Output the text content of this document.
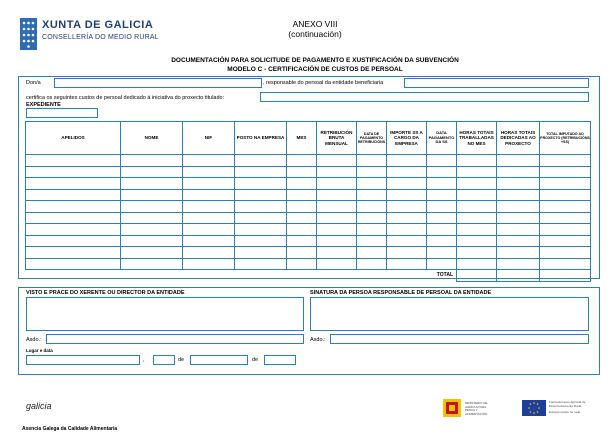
XUNTA DE GALICIA
CONSELLERÍA DO MEDIO RURAL
ANEXO VIII
(continuación)
DOCUMENTACIÓN PARA SOLICITUDE DE PAGAMENTO E XUSTIFICACIÓN DA SUBVENCIÓN
MODELO C - CERTIFICACIÓN DE CUSTOS DE PERSOAL
Don/a	, responsable do persoal da entidade beneficiaria
certifica os seguintes custos de persoal dedicado á iniciativa do proxecto titulado:
EXPEDIENTE
APELIDOS	NOME	NIF	POSTO NA EMPRESA	MES	RETRIBUCIÓN BRUTA MENSUAL	DATA DE PAGAMENTO RETRIBUCIÓNS	IMPORTE SS A CARGO DA EMPRESA	DATA PAGAMENTO DA SS	HORAS TOTAIS TRABALLADAS NO MES	HORAS TOTAIS DEDICADAS AO PROXECTO	TOTAL IMPUTADO AO PROXECTO (RETRIBUCIÓNS +SS)

TOTAL											
VISTO E PRACE DO XERENTE OU DIRECTOR DA ENTIDADE	SINATURA DA PERSOA RESPONSABLE DE PERSOAL DA ENTIDADE
Asdo.:	Asdo.:
Lugar e data
,	de	de
galicia
Axencia Galega da Calidade Alimentaria
MINISTERIO DE AGRICULTURA, PESCA Y ALIMENTACIÓN
Fondo Europeo Agrícola de Desenvolvemento Rural
Europa investe no rural
